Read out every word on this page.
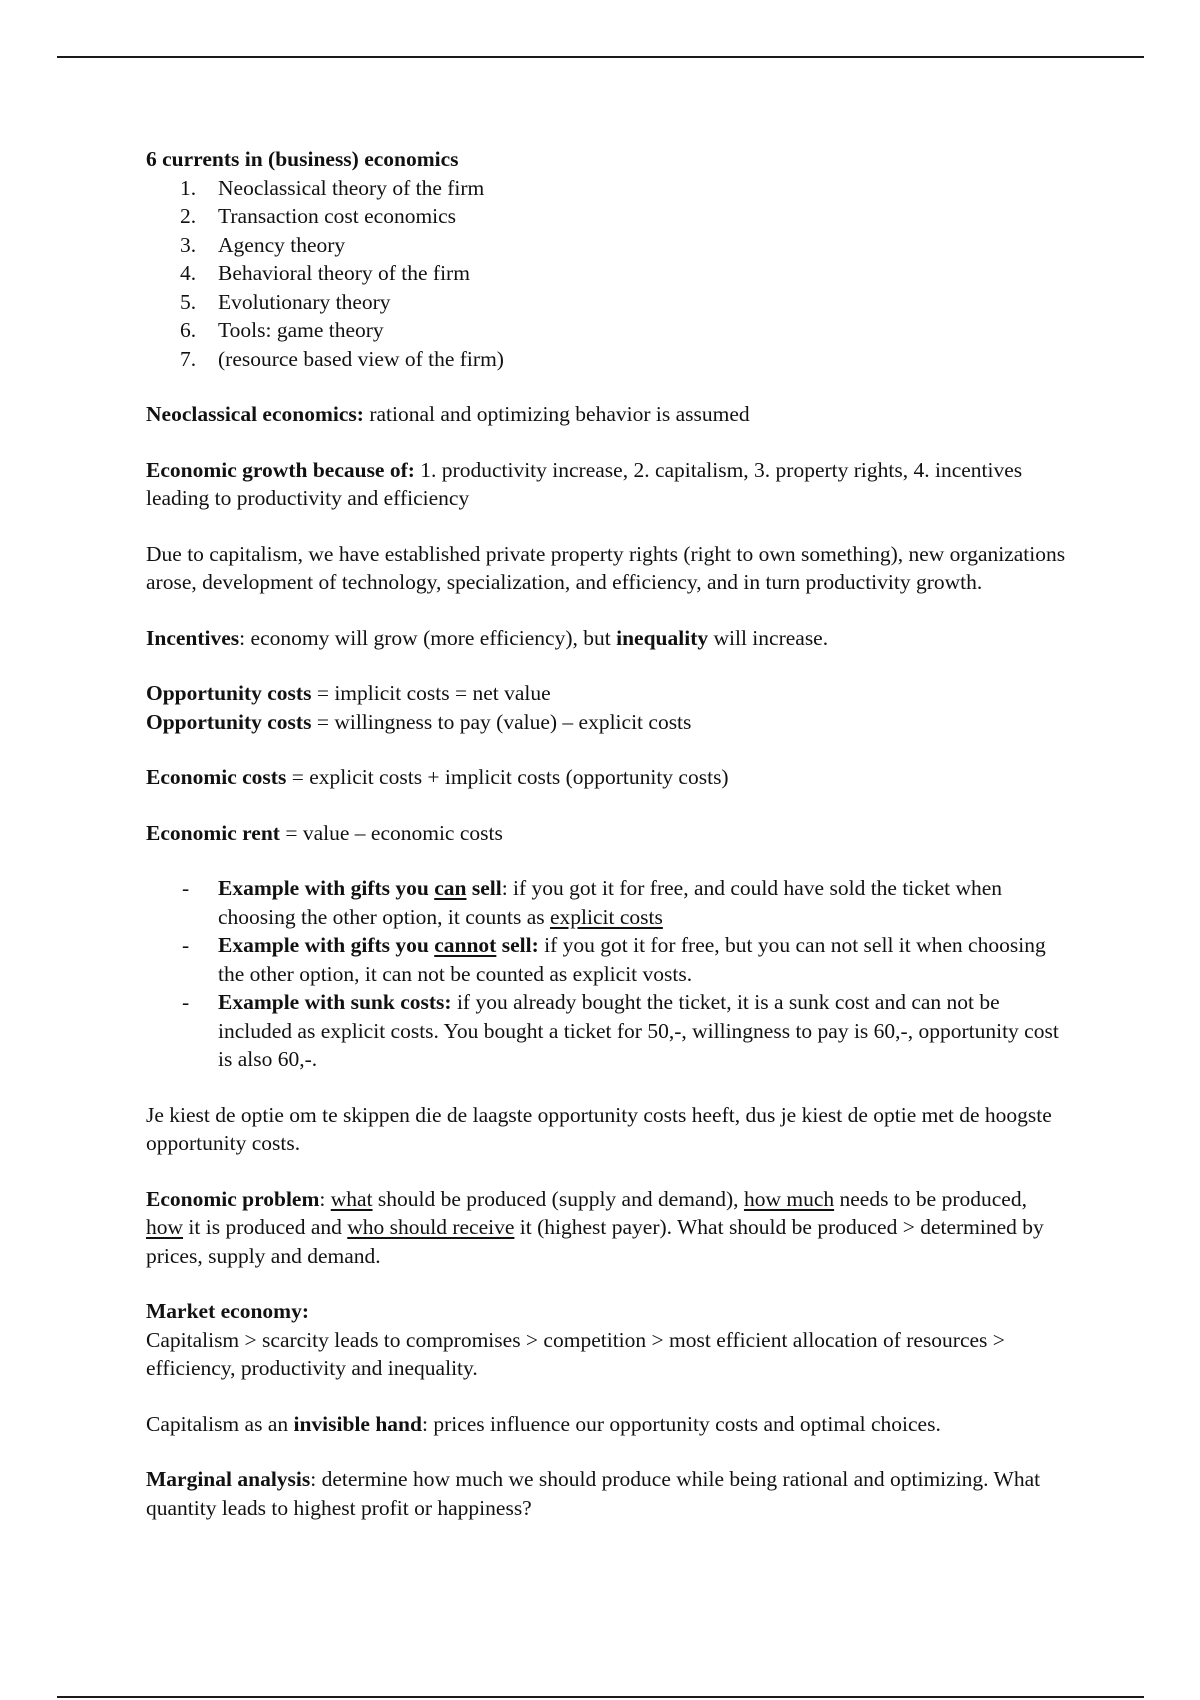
6 currents in (business) economics

1.	Neoclassical theory of the firm
2.	Transaction cost economics
3.	Agency theory
4.	Behavioral theory of the firm
5.	Evolutionary theory
6.	Tools: game theory
7.	(resource based view of the firm)

Neoclassical economics: rational and optimizing behavior is assumed

Economic growth because of: 1. productivity increase, 2. capitalism, 3. property rights, 4. incentives leading to productivity and efficiency

Due to capitalism, we have established private property rights (right to own something), new organizations arose, development of technology, specialization, and efficiency, and in turn productivity growth.

Incentives: economy will grow (more efficiency), but inequality will increase.

Opportunity costs = implicit costs = net value
Opportunity costs = willingness to pay (value) – explicit costs

Economic costs = explicit costs + implicit costs (opportunity costs)

Economic rent = value – economic costs

- Example with gifts you can sell: if you got it for free, and could have sold the ticket when choosing the other option, it counts as explicit costs
- Example with gifts you cannot sell: if you got it for free, but you can not sell it when choosing the other option, it can not be counted as explicit vosts.
- Example with sunk costs: if you already bought the ticket, it is a sunk cost and can not be included as explicit costs. You bought a ticket for 50,-, willingness to pay is 60,-, opportunity cost is also 60,-.

Je kiest de optie om te skippen die de laagste opportunity costs heeft, dus je kiest de optie met de hoogste opportunity costs.

Economic problem: what should be produced (supply and demand), how much needs to be produced, how it is produced and who should receive it (highest payer). What should be produced > determined by prices, supply and demand.

Market economy:
Capitalism > scarcity leads to compromises > competition > most efficient allocation of resources > efficiency, productivity and inequality.

Capitalism as an invisible hand: prices influence our opportunity costs and optimal choices.

Marginal analysis: determine how much we should produce while being rational and optimizing. What quantity leads to highest profit or happiness?
